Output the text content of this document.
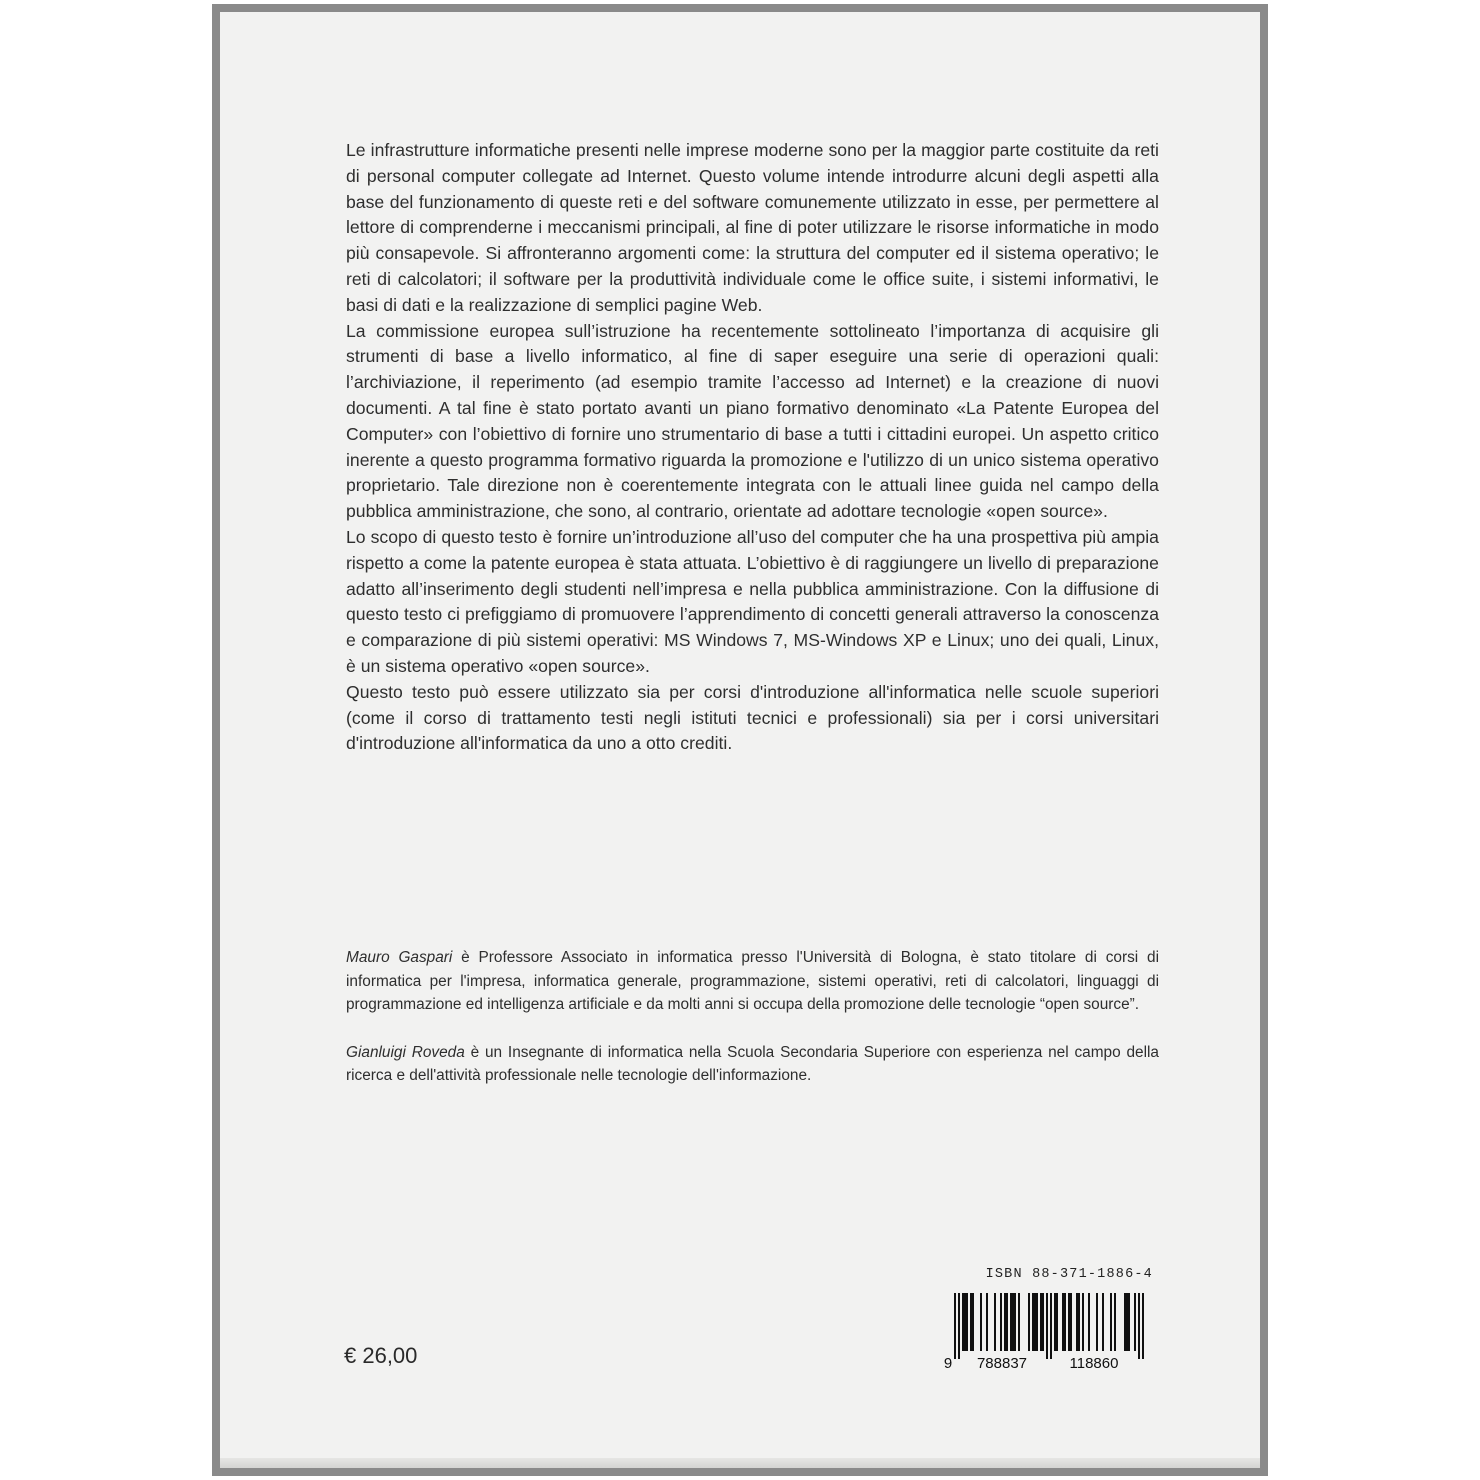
Le infrastrutture informatiche presenti nelle imprese moderne sono per la maggior parte costituite da reti di personal computer collegate ad Internet. Questo volume intende introdurre alcuni degli aspetti alla base del funzionamento di queste reti e del software comunemente utilizzato in esse, per permettere al lettore di comprenderne i meccanismi principali, al fine di poter utilizzare le risorse informatiche in modo più consapevole. Si affronteranno argomenti come: la struttura del computer ed il sistema operativo; le reti di calcolatori; il software per la produttività individuale come le office suite, i sistemi informativi, le basi di dati e la realizzazione di semplici pagine Web.

La commissione europea sull’istruzione ha recentemente sottolineato l’importanza di acquisire gli strumenti di base a livello informatico, al fine di saper eseguire una serie di operazioni quali: l’archiviazione, il reperimento (ad esempio tramite l’accesso ad Internet) e la creazione di nuovi documenti. A tal fine è stato portato avanti un piano formativo denominato «La Patente Europea del Computer» con l’obiettivo di fornire uno strumentario di base a tutti i cittadini europei. Un aspetto critico inerente a questo programma formativo riguarda la promozione e l'utilizzo di un unico sistema operativo proprietario. Tale direzione non è coerentemente integrata con le attuali linee guida nel campo della pubblica amministrazione, che sono, al contrario, orientate ad adottare tecnologie «open source».

Lo scopo di questo testo è fornire un’introduzione all’uso del computer che ha una prospettiva più ampia rispetto a come la patente europea è stata attuata. L’obiettivo è di raggiungere un livello di preparazione adatto all’inserimento degli studenti nell’impresa e nella pubblica amministrazione. Con la diffusione di questo testo ci prefiggiamo di promuovere l’apprendimento di concetti generali attraverso la conoscenza e comparazione di più sistemi operativi: MS Windows 7, MS-Windows XP e Linux; uno dei quali, Linux, è un sistema operativo «open source».

Questo testo può essere utilizzato sia per corsi d'introduzione all'informatica nelle scuole superiori (come il corso di trattamento testi negli istituti tecnici e professionali) sia per i corsi universitari d'introduzione all'informatica da uno a otto crediti.

Mauro Gaspari è Professore Associato in informatica presso l'Università di Bologna, è stato titolare di corsi di informatica per l'impresa, informatica generale, programmazione, sistemi operativi, reti di calcolatori, linguaggi di programmazione ed intelligenza artificiale e da molti anni si occupa della promozione delle tecnologie “open source”.

Gianluigi Roveda è un Insegnante di informatica nella Scuola Secondaria Superiore con esperienza nel campo della ricerca e dell'attività professionale nelle tecnologie dell'informazione.

ISBN 88-371-1886-4
9 788837	118860
€ 26,00
